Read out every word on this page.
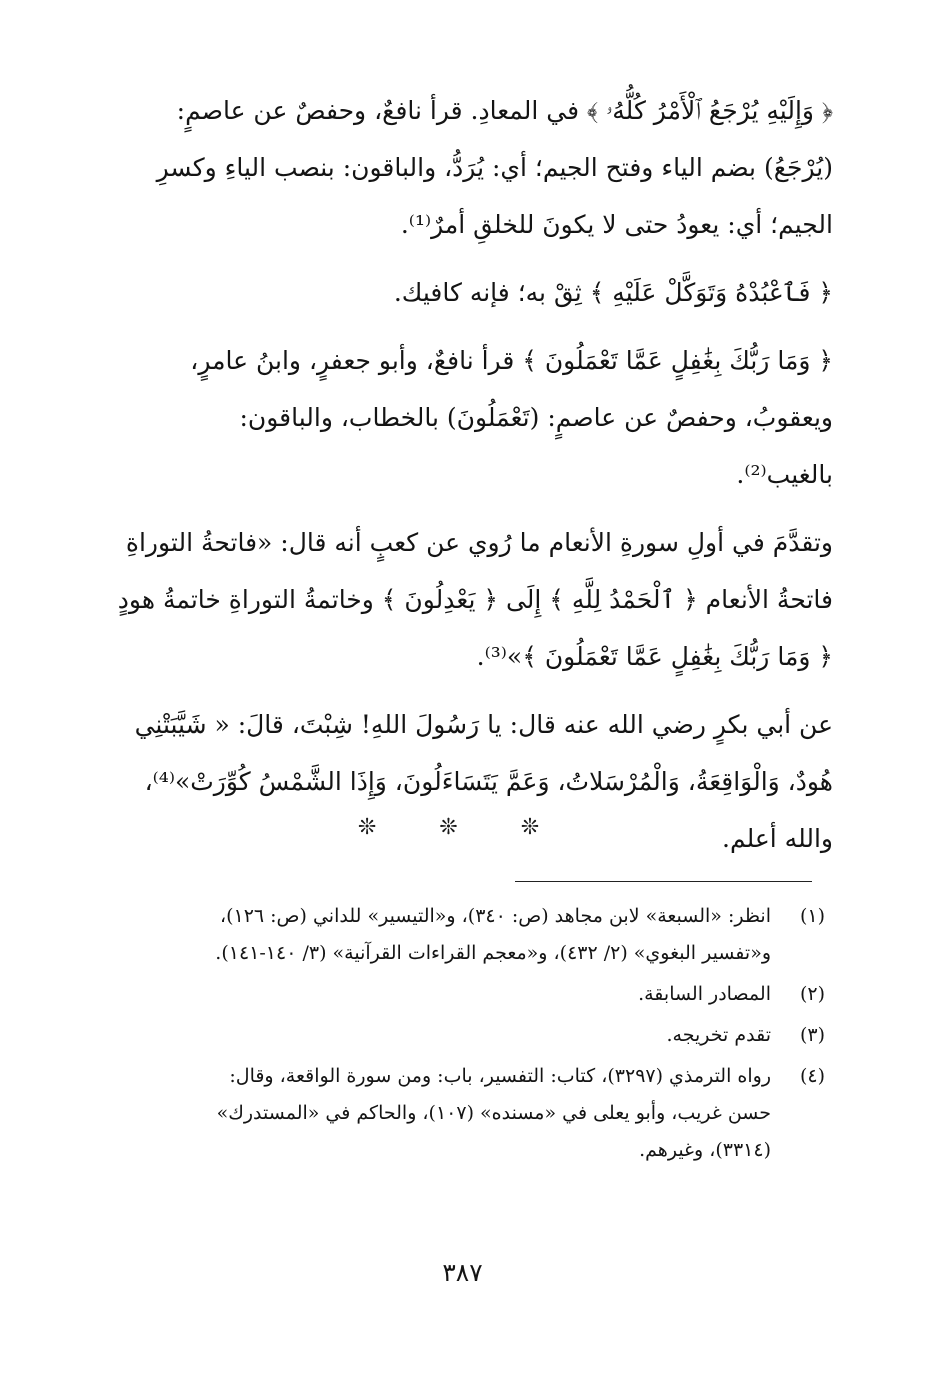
﴿ وَإِلَيْهِ يُرْجَعُ ٱلْأَمْرُ كُلُّهُۥ ﴾ في المعادِ. قرأ نافعٌ، وحفصٌ عن عاصمٍ:
(يُرْجَعُ) بضم الياء وفتح الجيم؛ أي: يُرَدُّ، والباقون: بنصب الياءِ وكسرِ
الجيم؛ أي: يعودُ حتى لا يكونَ للخلقِ أمرٌ⁽¹⁾.

﴿ فَٱعْبُدْهُ وَتَوَكَّلْ عَلَيْهِ ﴾ ثِقْ به؛ فإنه كافيك.

﴿ وَمَا رَبُّكَ بِغَٰفِلٍ عَمَّا تَعْمَلُونَ ﴾ قرأ نافعٌ، وأبو جعفرٍ، وابنُ عامرٍ،
ويعقوبُ، وحفصٌ عن عاصمٍ: (تَعْمَلُونَ) بالخطاب، والباقون:
بالغيب⁽²⁾.

وتقدَّمَ في أولِ سورةِ الأنعام ما رُوي عن كعبٍ أنه قال: «فاتحةُ التوراةِ
فاتحةُ الأنعام ﴿ ٱلْحَمْدُ لِلَّهِ ﴾ إِلَى ﴿ يَعْدِلُونَ ﴾ وخاتمةُ التوراةِ خاتمةُ هودٍ
﴿ وَمَا رَبُّكَ بِغَٰفِلٍ عَمَّا تَعْمَلُونَ ﴾»⁽³⁾.

عن أبي بكرٍ رضي الله عنه قال: يا رَسُولَ اللهِ! شِبْتَ، قالَ: « شَيَّبَتْنِي
هُودٌ، وَالْوَاقِعَةُ، وَالْمُرْسَلاتُ، وَعَمَّ يَتَسَاءَلُونَ، وَإِذَا الشَّمْسُ كُوِّرَتْ»⁽⁴⁾،
والله أعلم.

❊ ❊ ❊
(١)
انظر: «السبعة» لابن مجاهد (ص: ٣٤٠)، و«التيسير» للداني (ص: ١٢٦)،
و«تفسير البغوي» (٢/ ٤٣٢)، و«معجم القراءات القرآنية» (٣/ ١٤٠-١٤١).
(٢)
المصادر السابقة.
(٣)
تقدم تخريجه.
(٤)
رواه الترمذي (٣٢٩٧)، كتاب: التفسير، باب: ومن سورة الواقعة، وقال:
حسن غريب، وأبو يعلى في «مسنده» (١٠٧)، والحاكم في «المستدرك»
(٣٣١٤)، وغيرهم.
٣٨٧
